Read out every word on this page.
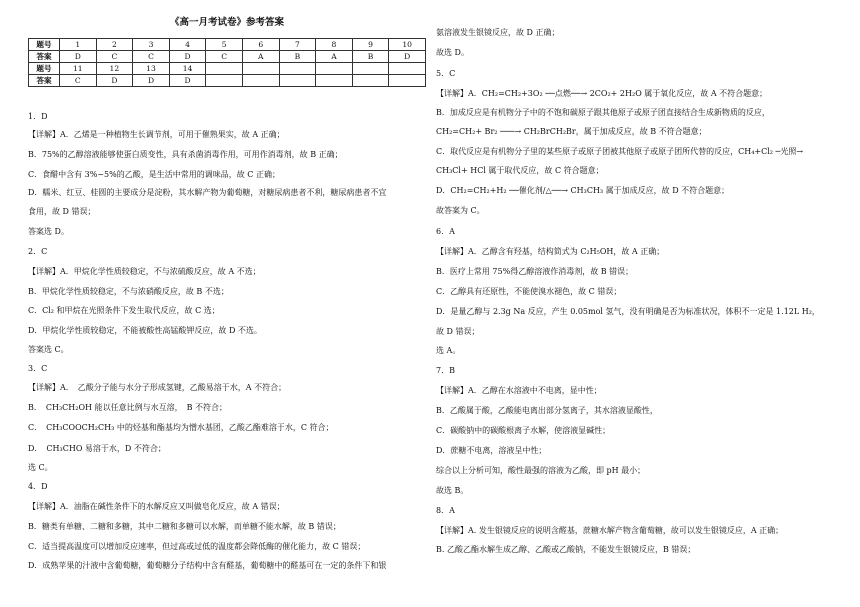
《高一月考试卷》参考答案
题号	1	2	3	4	5	6	7	8	9	10
答案	D	C	C	D	C	A	B	A	B	D
题号	11	12	13	14						
答案	C	D	D	D						
1．D
【详解】A．乙烯是一种植物生长调节剂，可用于催熟果实，故 A 正确；
B．75%的乙醇溶液能够使蛋白质变性，具有杀菌消毒作用，可用作消毒剂，故 B 正确；
C．食醋中含有 3%~5%的乙酸，是生活中常用的调味品，故 C 正确；
D．糯米、红豆、桂圆的主要成分是淀粉，其水解产物为葡萄糖，对糖尿病患者不利，糖尿病患者不宜
食用，故 D 错误；
答案选 D。
2．C
【详解】A．甲烷化学性质较稳定，不与浓硫酸反应，故 A 不选；
B．甲烷化学性质较稳定，不与浓硝酸反应，故 B 不选；
C．Cl₂ 和甲烷在光照条件下发生取代反应，故 C 选；
D．甲烷化学性质较稳定，不能被酸性高锰酸钾反应，故 D 不选。
答案选 C。
3．C
【详解】A．　乙酸分子能与水分子形成氢键，乙酸易溶于水，A 不符合；
B．　CH₃CH₂OH 能以任意比例与水互溶，　B 不符合；
C．　CH₃COOCH₂CH₃ 中的烃基和酯基均为憎水基团，乙酸乙酯难溶于水，C 符合；
D．　CH₃CHO 易溶于水，D 不符合；
选 C。
4．D
【详解】A．油脂在碱性条件下的水解反应又叫做皂化反应，故 A 错误；
B．糖类有单糖、二糖和多糖，其中二糖和多糖可以水解，而单糖不能水解，故 B 错误；
C．适当提高温度可以增加反应速率，但过高或过低的温度都会降低酶的催化能力，故 C 错误；
D．成熟苹果的汁液中含葡萄糖，葡萄糖分子结构中含有醛基，葡萄糖中的醛基可在一定的条件下和银
氨溶液发生银镜反应，故 D 正确；
故选 D。
5．C
【详解】A．CH₂=CH₂+3O₂ ──点燃──→ 2CO₂+ 2H₂O 属于氧化反应，故 A 不符合题意；
B．加成反应是有机物分子中的不饱和碳原子跟其他原子或原子团直接结合生成新物质的反应，
CH₂=CH₂+ Br₂ ───→ CH₂BrCH₂Br，属于加成反应，故 B 不符合题意；
C．取代反应是有机物分子里的某些原子或原子团被其他原子或原子团所代替的反应，CH₄+Cl₂ ─光照→
CH₃Cl+ HCl 属于取代反应，故 C 符合题意；
D．CH₂=CH₂+H₂ ──催化剂/△──→ CH₃CH₃ 属于加成反应，故 D 不符合题意；
故答案为 C。
6．A
【详解】A．乙醇含有羟基，结构简式为 C₂H₅OH，故 A 正确；
B．医疗上常用 75%得乙醇溶液作消毒剂，故 B 错误；
C．乙醇具有还原性，不能使溴水褪色，故 C 错误；
D．是量乙醇与 2.3g Na 反应，产生 0.05mol 氢气，没有明确是否为标准状况，体积不一定是 1.12L H₂，
故 D 错误；
选 A。
7．B
【详解】A．乙醇在水溶液中不电离，显中性；
B．乙酸属于酸，乙酸能电离出部分氢离子，其水溶液显酸性，
C．碳酸钠中的碳酸根离子水解，使溶液显碱性；
D．蔗糖不电离，溶液呈中性；
综合以上分析可知，酸性最强的溶液为乙酸，即 pH 最小；
故选 B。
8．A
【详解】A. 发生银镜反应的说明含醛基，蔗糖水解产物含葡萄糖，故可以发生银镜反应，A 正确；
B. 乙酸乙酯水解生成乙醇、乙酸或乙酸钠，不能发生银镜反应，B 错误；
